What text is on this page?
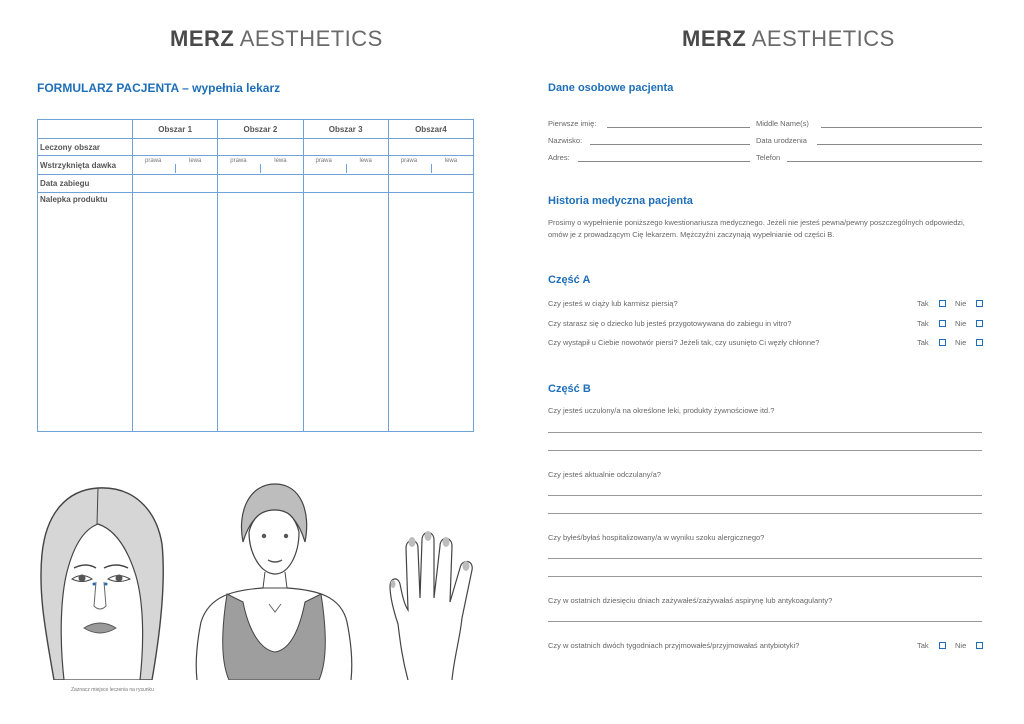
MERZ AESTHETICS	MERZ AESTHETICS
FORMULARZ PACJENTA – wypełnia lekarz
	Obszar 1	Obszar 2	Obszar 3	Obszar4
Leczony obszar				
Wstrzyknięta dawka	prawa lewa	prawa lewa	prawa lewa	prawa lewa

Data zabiegu				
Nalepka produktu				
Zaznacz miejsce leczenia na rysunku
Dane osobowe pacjenta
Pierwsze imię:	Middle Name(s)
Nazwisko:	Data urodzenia
Adres:	Telefon
Historia medyczna pacjenta
Prosimy o wypełnienie poniższego kwestionariusza medycznego. Jeżeli nie jesteś pewna/pewny poszczególnych odpowiedzi, omów je z prowadzącym Cię lekarzem. Mężczyźni zaczynają wypełnianie od części B.
Część A
Czy jesteś w ciąży lub karmisz piersią?	Tak	Nie
Czy starasz się o dziecko lub jesteś przygotowywana do zabiegu in vitro?	Tak	Nie
Czy wystąpił u Ciebie nowotwór piersi? Jeżeli tak, czy usunięto Ci węzły chłonne?	Tak	Nie
Część B
Czy jesteś uczulony/a na określone leki, produkty żywnościowe itd.?
Czy jesteś aktualnie odczulany/a?
Czy byłeś/byłaś hospitalizowany/a w wyniku szoku alergicznego?
Czy w ostatnich dziesięciu dniach zażywałeś/zażywałaś aspirynę lub antykoagulanty?
Czy w ostatnich dwóch tygodniach przyjmowałeś/przyjmowałaś antybiotyki?	Tak	Nie
